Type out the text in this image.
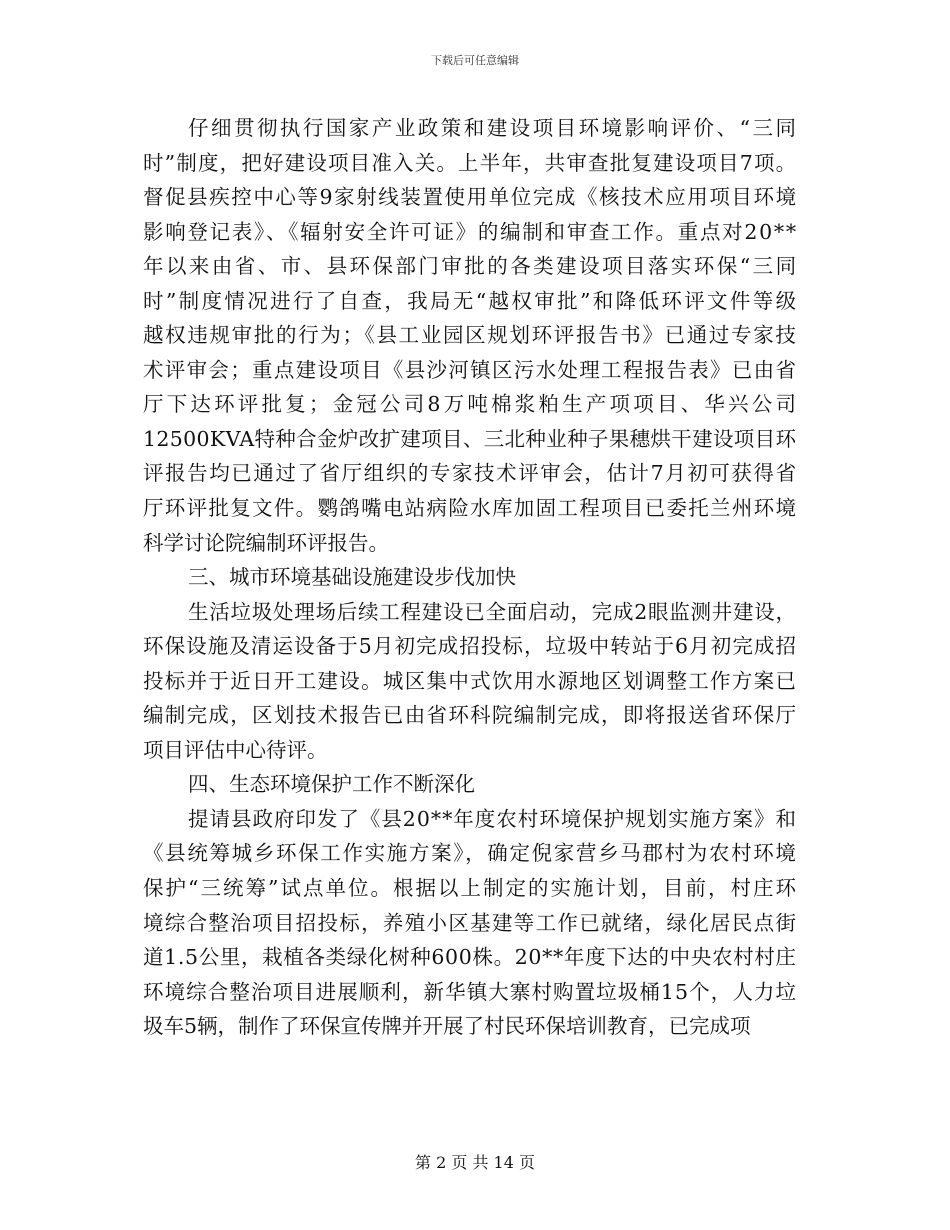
下载后可任意编辑
仔细贯彻执行国家产业政策和建设项目环境影响评价、“三同
时”制度，把好建设项目准入关。上半年，共审查批复建设项目7项。
督促县疾控中心等9家射线装置使用单位完成《核技术应用项目环境
影响登记表》、《辐射安全许可证》的编制和审查工作。重点对20**
年以来由省、市、县环保部门审批的各类建设项目落实环保“三同
时”制度情况进行了自查，我局无“越权审批”和降低环评文件等级
越权违规审批的行为；《县工业园区规划环评报告书》已通过专家技
术评审会；重点建设项目《县沙河镇区污水处理工程报告表》已由省
厅下达环评批复；金冠公司8万吨棉浆粕生产项项目、华兴公司
12500KVA特种合金炉改扩建项目、三北种业种子果穗烘干建设项目环
评报告均已通过了省厅组织的专家技术评审会，估计7月初可获得省
厅环评批复文件。鹦鸽嘴电站病险水库加固工程项目已委托兰州环境
科学讨论院编制环评报告。
三、城市环境基础设施建设步伐加快
生活垃圾处理场后续工程建设已全面启动，完成2眼监测井建设，
环保设施及清运设备于5月初完成招投标，垃圾中转站于6月初完成招
投标并于近日开工建设。城区集中式饮用水源地区划调整工作方案已
编制完成，区划技术报告已由省环科院编制完成，即将报送省环保厅
项目评估中心待评。
四、生态环境保护工作不断深化
提请县政府印发了《县20**年度农村环境保护规划实施方案》和
《县统筹城乡环保工作实施方案》，确定倪家营乡马郡村为农村环境
保护“三统筹”试点单位。根据以上制定的实施计划，目前，村庄环
境综合整治项目招投标，养殖小区基建等工作已就绪，绿化居民点街
道1.5公里，栽植各类绿化树种600株。20**年度下达的中央农村村庄
环境综合整治项目进展顺利，新华镇大寨村购置垃圾桶15个，人力垃
圾车5辆，制作了环保宣传牌并开展了村民环保培训教育，已完成项
第 2 页 共 14 页
